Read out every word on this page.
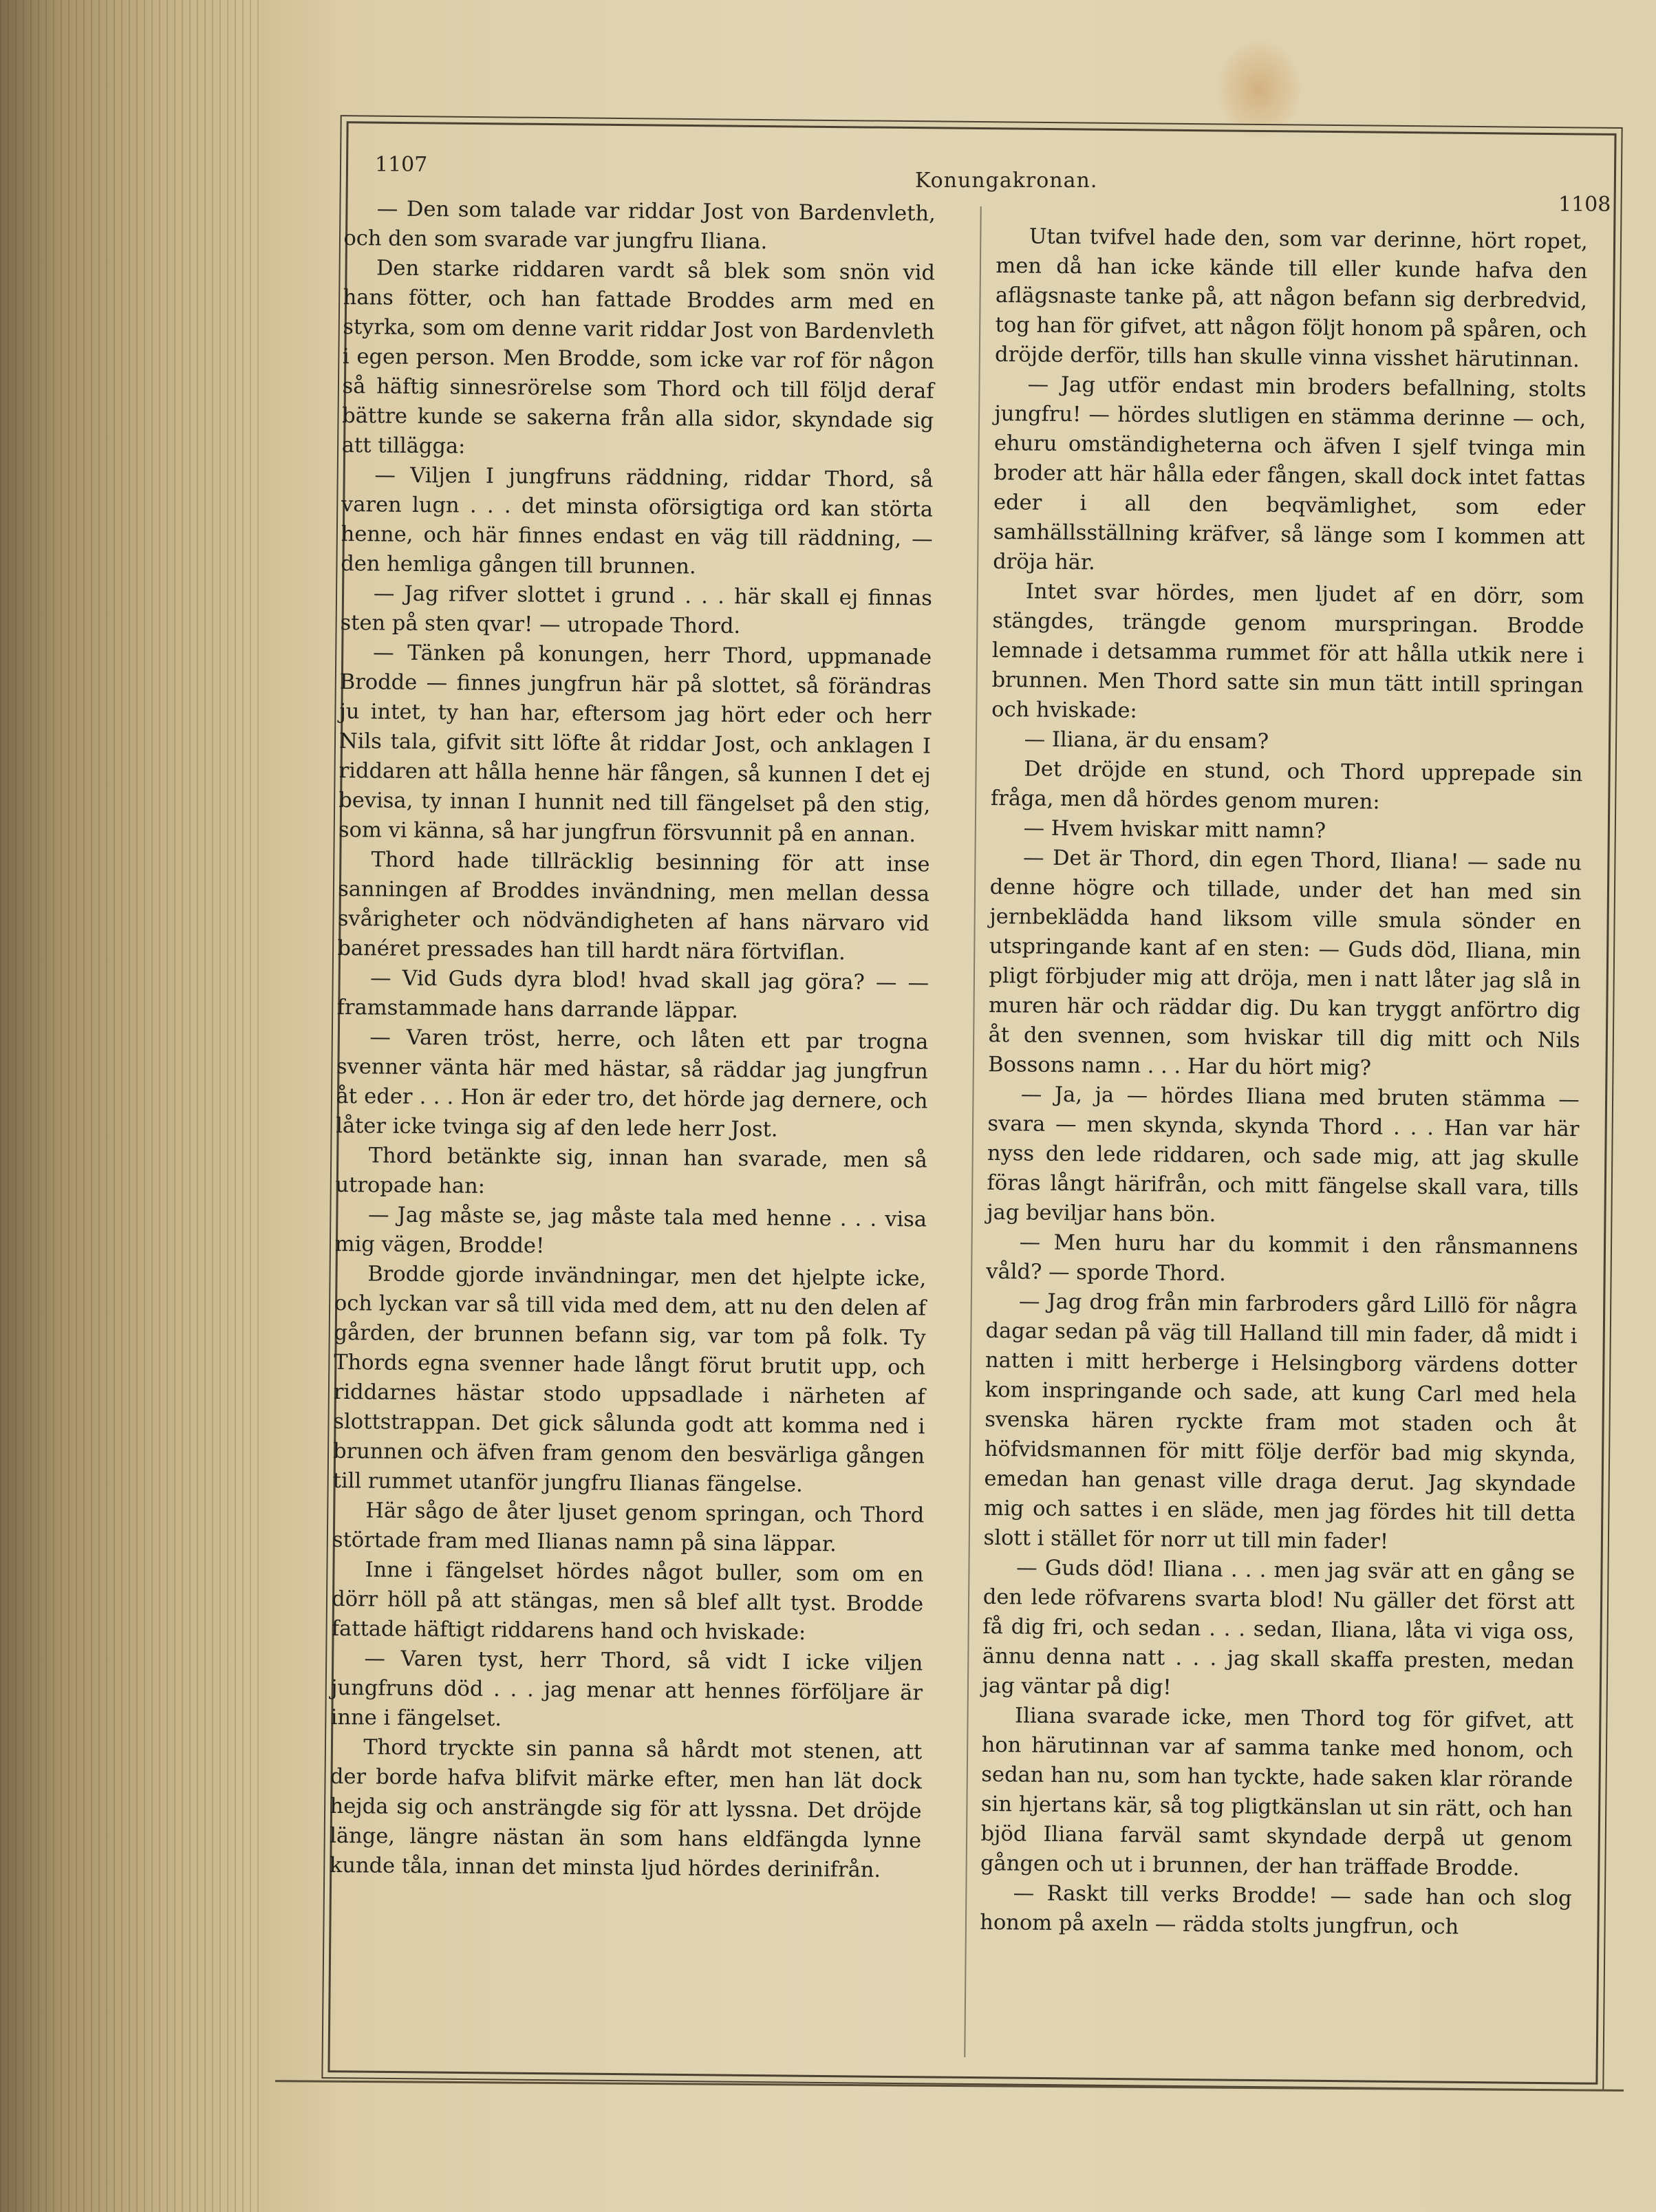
1107
Konungakronan.
1108

— Den som talade var riddar Jost von Bardenvleth, och den som svarade var jungfru Iliana.

Den starke riddaren vardt så blek som snön vid hans fötter, och han fattade Broddes arm med en styrka, som om denne varit riddar Jost von Bardenvleth i egen person. Men Brodde, som icke var rof för någon så häftig sinnesrörelse som Thord och till följd deraf bättre kunde se sakerna från alla sidor, skyndade sig att tillägga:

— Viljen I jungfruns räddning, riddar Thord, så varen lugn . . . det minsta oförsigtiga ord kan störta henne, och här finnes endast en väg till räddning, — den hemliga gången till brunnen.

— Jag rifver slottet i grund . . . här skall ej finnas sten på sten qvar! — utropade Thord.

— Tänken på konungen, herr Thord, uppmanade Brodde — finnes jungfrun här på slottet, så förändras ju intet, ty han har, eftersom jag hört eder och herr Nils tala, gifvit sitt löfte åt riddar Jost, och anklagen I riddaren att hålla henne här fången, så kunnen I det ej bevisa, ty innan I hunnit ned till fängelset på den stig, som vi känna, så har jungfrun försvunnit på en annan.

Thord hade tillräcklig besinning för att inse sanningen af Broddes invändning, men mellan dessa svårigheter och nödvändigheten af hans närvaro vid banéret pressades han till hardt nära förtviflan.

— Vid Guds dyra blod! hvad skall jag göra? — — framstammade hans darrande läppar.

— Varen tröst, herre, och låten ett par trogna svenner vänta här med hästar, så räddar jag jungfrun åt eder . . . Hon är eder tro, det hörde jag dernere, och låter icke tvinga sig af den lede herr Jost.

Thord betänkte sig, innan han svarade, men så utropade han:

— Jag måste se, jag måste tala med henne . . . visa mig vägen, Brodde!

Brodde gjorde invändningar, men det hjelpte icke, och lyckan var så till vida med dem, att nu den delen af gården, der brunnen befann sig, var tom på folk. Ty Thords egna svenner hade långt förut brutit upp, och riddarnes hästar stodo uppsadlade i närheten af slottstrappan. Det gick sålunda godt att komma ned i brunnen och äfven fram genom den besvärliga gången till rummet utanför jungfru Ilianas fängelse.

Här sågo de åter ljuset genom springan, och Thord störtade fram med Ilianas namn på sina läppar.

Inne i fängelset hördes något buller, som om en dörr höll på att stängas, men så blef allt tyst. Brodde fattade häftigt riddarens hand och hviskade:

— Varen tyst, herr Thord, så vidt I icke viljen jungfruns död . . . jag menar att hennes förföljare är inne i fängelset.

Thord tryckte sin panna så hårdt mot stenen, att der borde hafva blifvit märke efter, men han lät dock hejda sig och ansträngde sig för att lyssna. Det dröjde länge, längre nästan än som hans eldfängda lynne kunde tåla, innan det minsta ljud hördes derinifrån.

Utan tvifvel hade den, som var derinne, hört ropet, men då han icke kände till eller kunde hafva den aflägsnaste tanke på, att någon befann sig derbredvid, tog han för gifvet, att någon följt honom på spåren, och dröjde derför, tills han skulle vinna visshet härutinnan.

— Jag utför endast min broders befallning, stolts jungfru! — hördes slutligen en stämma derinne — och, ehuru omständigheterna och äfven I sjelf tvinga min broder att här hålla eder fången, skall dock intet fattas eder i all den beqvämlighet, som eder samhällsställning kräfver, så länge som I kommen att dröja här.

Intet svar hördes, men ljudet af en dörr, som stängdes, trängde genom murspringan. Brodde lemnade i detsamma rummet för att hålla utkik nere i brunnen. Men Thord satte sin mun tätt intill springan och hviskade:

— Iliana, är du ensam?

Det dröjde en stund, och Thord upprepade sin fråga, men då hördes genom muren:

— Hvem hviskar mitt namn?

— Det är Thord, din egen Thord, Iliana! — sade nu denne högre och tillade, under det han med sin jernbeklädda hand liksom ville smula sönder en utspringande kant af en sten: — Guds död, Iliana, min pligt förbjuder mig att dröja, men i natt låter jag slå in muren här och räddar dig. Du kan tryggt anförtro dig åt den svennen, som hviskar till dig mitt och Nils Bossons namn . . . Har du hört mig?

— Ja, ja — hördes Iliana med bruten stämma — svara — men skynda, skynda Thord . . . Han var här nyss den lede riddaren, och sade mig, att jag skulle föras långt härifrån, och mitt fängelse skall vara, tills jag beviljar hans bön.

— Men huru har du kommit i den rånsmannens våld? — sporde Thord.

— Jag drog från min farbroders gård Lillö för några dagar sedan på väg till Halland till min fader, då midt i natten i mitt herberge i Helsingborg värdens dotter kom inspringande och sade, att kung Carl med hela svenska hären ryckte fram mot staden och åt höfvidsmannen för mitt följe derför bad mig skynda, emedan han genast ville draga derut. Jag skyndade mig och sattes i en släde, men jag fördes hit till detta slott i stället för norr ut till min fader!

— Guds död! Iliana . . . men jag svär att en gång se den lede röfvarens svarta blod! Nu gäller det först att få dig fri, och sedan . . . sedan, Iliana, låta vi viga oss, ännu denna natt . . . jag skall skaffa presten, medan jag väntar på dig!

Iliana svarade icke, men Thord tog för gifvet, att hon härutinnan var af samma tanke med honom, och sedan han nu, som han tyckte, hade saken klar rörande sin hjertans kär, så tog pligtkänslan ut sin rätt, och han bjöd Iliana farväl samt skyndade derpå ut genom gången och ut i brunnen, der han träffade Brodde.

— Raskt till verks Brodde! — sade han och slog honom på axeln — rädda stolts jungfrun, och
